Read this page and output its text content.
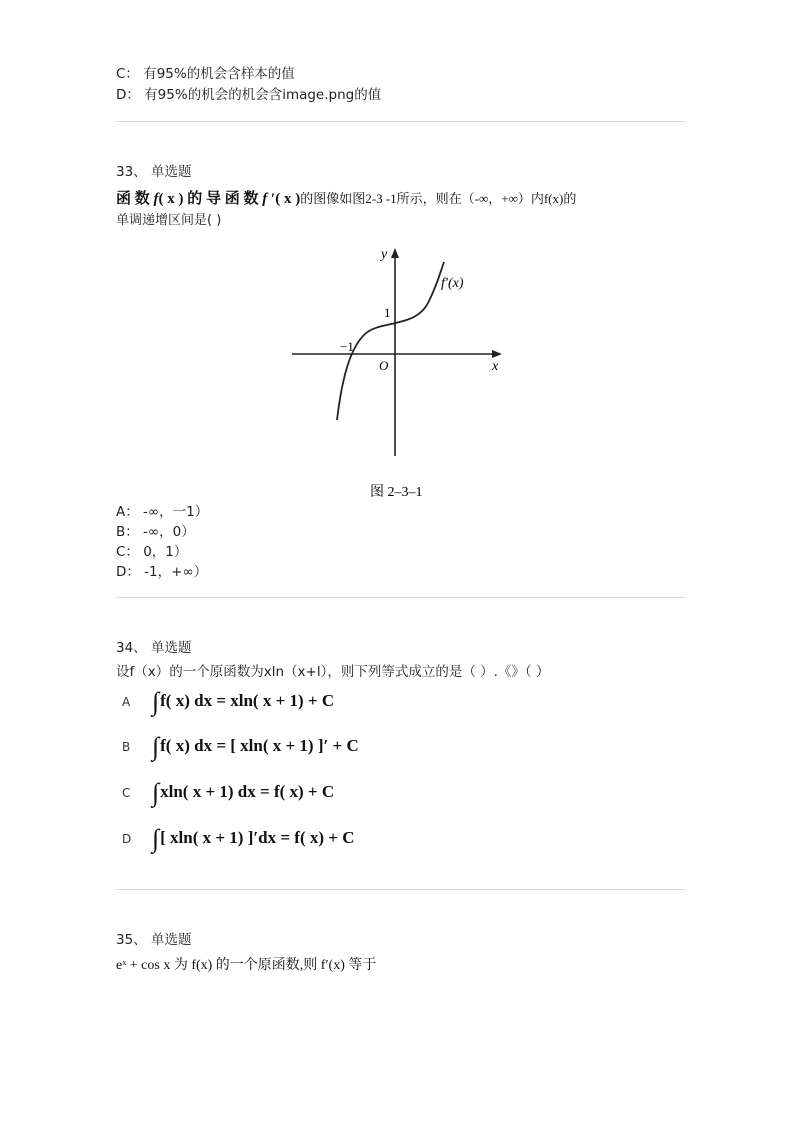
C： 有95%的机会含样本的值
D： 有95%的机会的机会含image.png的值
33、 单选题
函 数 f( x ) 的 导 函 数 f ′( x )的图像如图2-3 -1所示，则在（-∞，+∞）内f(x)的
单调递增区间是( )
y
x
O
1
−1
f′(x)
图 2–3–1
A： -∞，一1）
B： -∞，0）
C： 0，1）
D： -1，+∞）
34、 单选题
设f（x）的一个原函数为xln（x+l），则下列等式成立的是（ ）.《》（ ）
A ∫f( x) dx = xln( x + 1) + C
B ∫f( x) dx = [ xln( x + 1) ]′ + C
C ∫xln( x + 1) dx = f( x) + C
D ∫[ xln( x + 1) ]′dx = f( x) + C
35、 单选题
eˣ + cos x 为 f(x) 的一个原函数,则 f′(x) 等于
